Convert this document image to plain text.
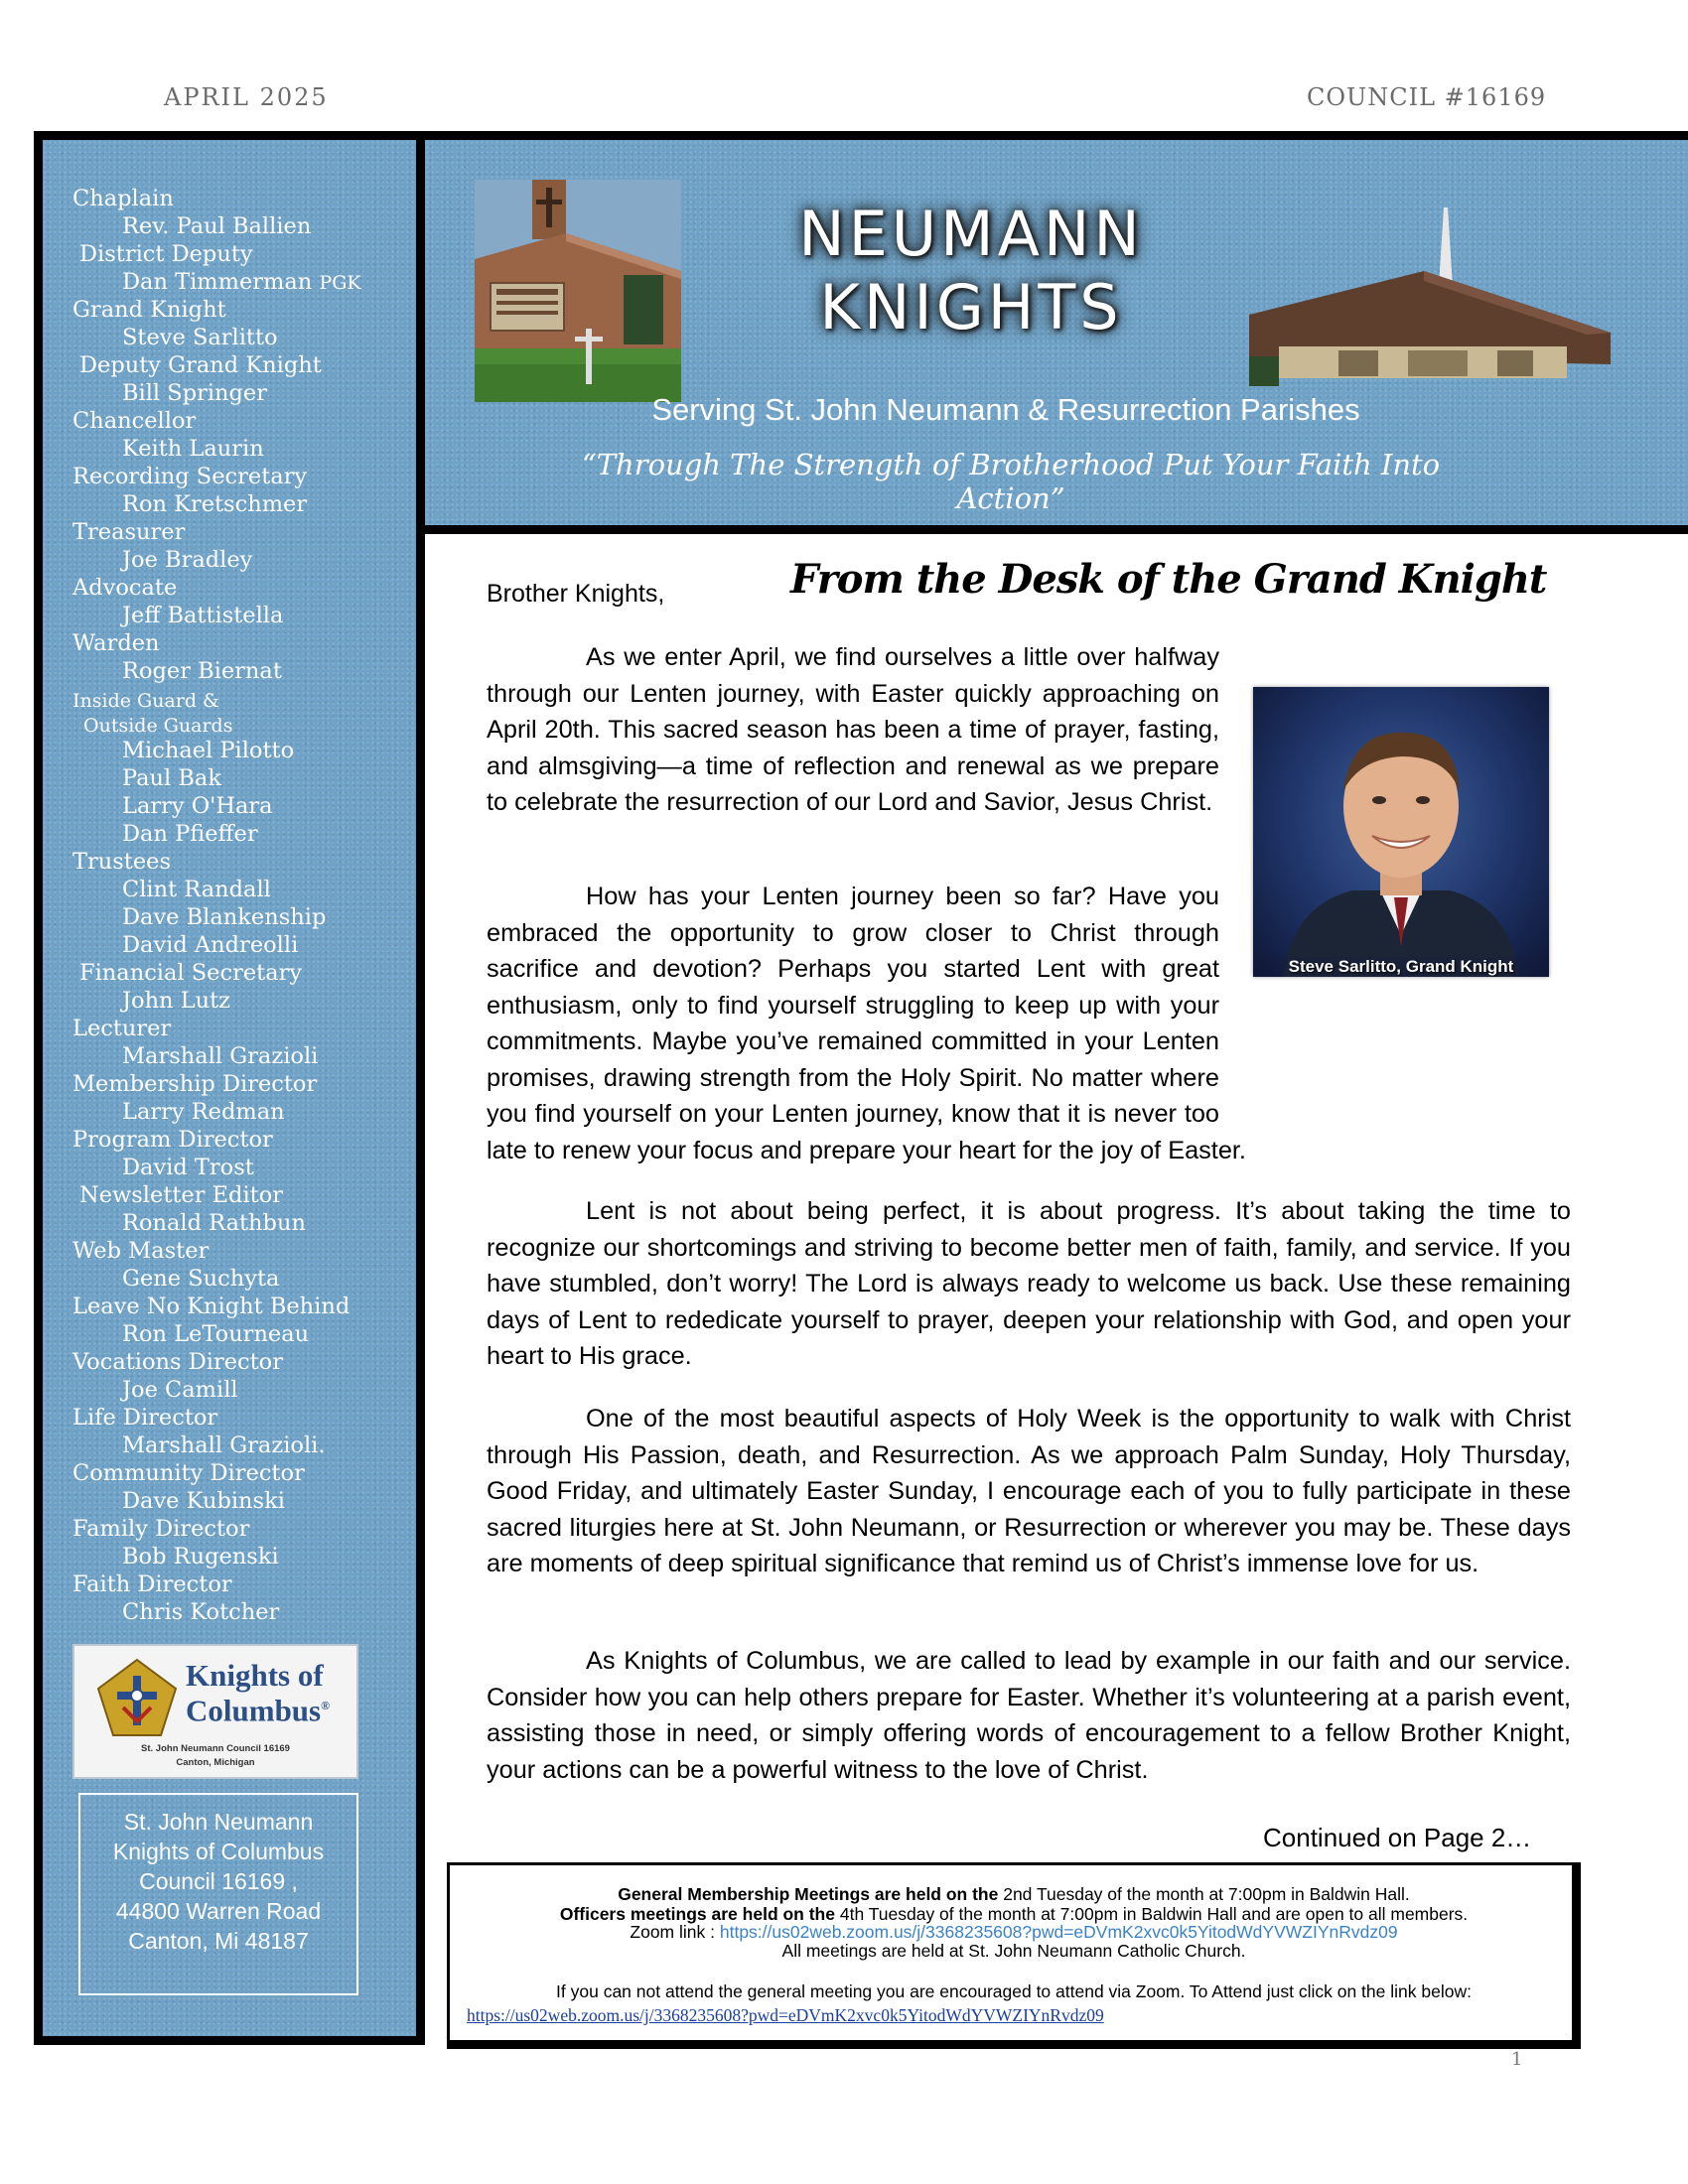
APRIL 2025	COUNCIL #16169
Chaplain
Rev. Paul Ballien
District Deputy
Dan Timmerman PGK
Grand Knight
Steve Sarlitto
Deputy Grand Knight
Bill Springer
Chancellor
Keith Laurin
Recording Secretary
Ron Kretschmer
Treasurer
Joe Bradley
Advocate
Jeff Battistella
Warden
Roger Biernat
Inside Guard &
Outside Guards
Michael Pilotto
Paul Bak
Larry O'Hara
Dan Pfieffer
Trustees
Clint Randall
Dave Blankenship
David Andreolli
Financial Secretary
John Lutz
Lecturer
Marshall Grazioli
Membership Director
Larry Redman
Program Director
David Trost
Newsletter Editor
Ronald Rathbun
Web Master
Gene Suchyta
Leave No Knight Behind
Ron LeTourneau
Vocations Director
Joe Camill
Life Director
Marshall Grazioli.
Community Director
Dave Kubinski
Family Director
Bob Rugenski
Faith Director
Chris Kotcher
Knights of
Columbus®
St. John Neumann Council 16169
Canton, Michigan
St. John Neumann
Knights of Columbus
Council 16169 ,
44800 Warren Road
Canton, Mi 48187
NEUMANN
KNIGHTS
Serving St. John Neumann & Resurrection Parishes
“Through The Strength of Brotherhood Put Your Faith Into Action”
Brother Knights,	From the Desk of the Grand Knight

As we enter April, we find ourselves a little over halfway through our Lenten journey, with Easter quickly approaching on April 20th. This sacred season has been a time of prayer, fasting, and almsgiving—a time of reflection and renewal as we prepare to celebrate the resurrection of our Lord and Savior, Jesus Christ.

How has your Lenten journey been so far? Have you embraced the opportunity to grow closer to Christ through sacrifice and devotion? Perhaps you started Lent with great enthusiasm, only to find yourself struggling to keep up with your commitments. Maybe you’ve remained committed in your Lenten promises, drawing strength from the Holy Spirit. No matter where you find yourself on your Lenten journey, know that it is never too late to renew your focus and prepare your heart for the joy of Easter.

Lent is not about being perfect, it is about progress. It’s about taking the time to recognize our shortcomings and striving to become better men of faith, family, and service. If you have stumbled, don’t worry! The Lord is always ready to welcome us back. Use these remaining days of Lent to rededicate yourself to prayer, deepen your relationship with God, and open your heart to His grace.

One of the most beautiful aspects of Holy Week is the opportunity to walk with Christ through His Passion, death, and Resurrection. As we approach Palm Sunday, Holy Thursday, Good Friday, and ultimately Easter Sunday, I encourage each of you to fully participate in these sacred liturgies here at St. John Neumann, or Resurrection or wherever you may be. These days are moments of deep spiritual significance that remind us of Christ’s immense love for us.

As Knights of Columbus, we are called to lead by example in our faith and our service. Consider how you can help others prepare for Easter. Whether it’s volunteering at a parish event, assisting those in need, or simply offering words of encouragement to a fellow Brother Knight, your actions can be a powerful witness to the love of Christ.

Steve Sarlitto, Grand Knight
Continued on Page 2…
General Membership Meetings are held on the 2nd Tuesday of the month at 7:00pm in Baldwin Hall.
Officers meetings are held on the 4th Tuesday of the month at 7:00pm in Baldwin Hall and are open to all members.
Zoom link : https://us02web.zoom.us/j/3368235608?pwd=eDVmK2xvc0k5YitodWdYVWZIYnRvdz09
All meetings are held at St. John Neumann Catholic Church.
If you can not attend the general meeting you are encouraged to attend via Zoom. To Attend just click on the link below:
https://us02web.zoom.us/j/3368235608?pwd=eDVmK2xvc0k5YitodWdYVWZIYnRvdz09
1
